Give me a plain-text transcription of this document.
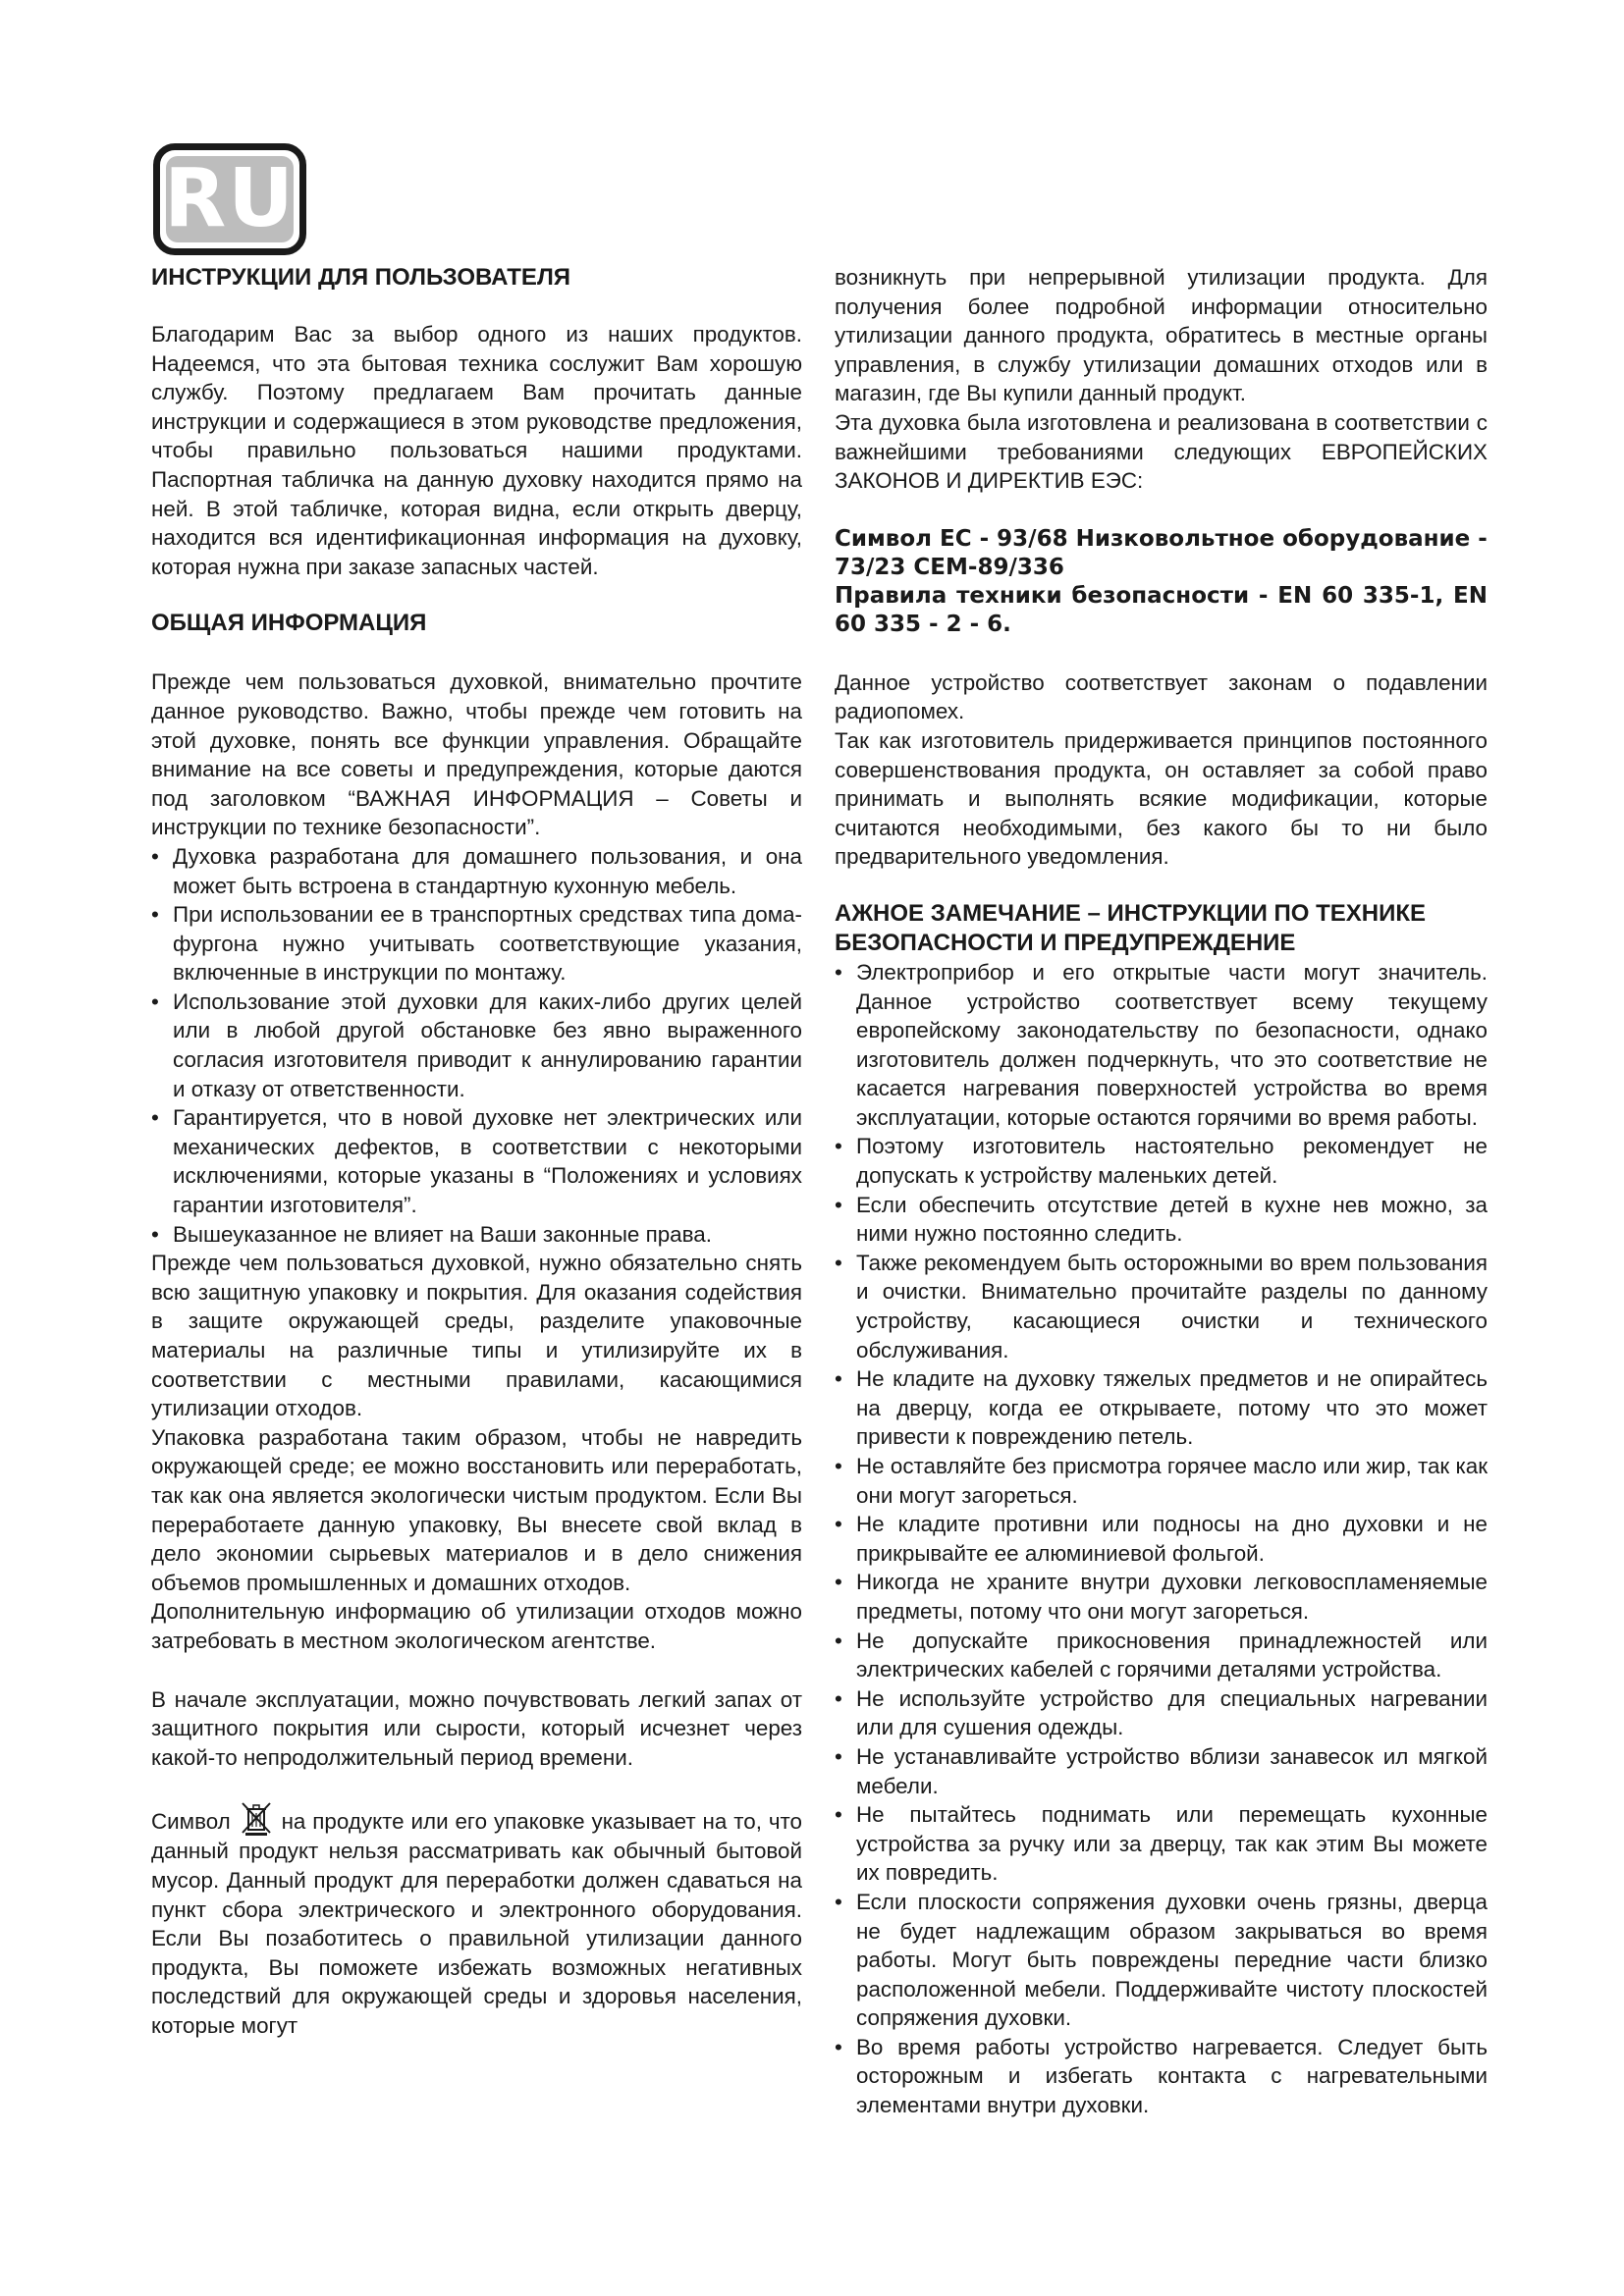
RU
ИНСТРУКЦИИ ДЛЯ ПОЛЬЗОВАТЕЛЯ

Благодарим Вас за выбор одного из наших продуктов. Надеемся, что эта бытовая техника сослужит Вам хорошую службу. Поэтому предлагаем Вам прочитать данные инструкции и содержащиеся в этом руководстве предложения, чтобы правильно пользоваться нашими продуктами. Паспортная табличка на данную духовку находится прямо на ней. В этой табличке, которая видна, если открыть дверцу, находится вся идентификационная информация на духовку, которая нужна при заказе запасных частей.

ОБЩАЯ ИНФОРМАЦИЯ

Прежде чем пользоваться духовкой, внимательно прочтите данное руководство. Важно, чтобы прежде чем готовить на этой духовке, понять все функции управления. Обращайте внимание на все советы и предупреждения, которые даются под заголовком “ВАЖНАЯ ИНФОРМАЦИЯ – Советы и инструкции по технике безопасности”.

• Духовка разработана для домашнего пользования, и она может быть встроена в стандартную кухонную мебель.
• При использовании ее в транспортных средствах типа дома-фургона нужно учитывать соответствующие указания, включенные в инструкции по монтажу.
• Использование этой духовки для каких-либо других целей или в любой другой обстановке без явно выраженного согласия изготовителя приводит к аннулированию гарантии и отказу от ответственности.
• Гарантируется, что в новой духовке нет электрических или механических дефектов, в соответствии с некоторыми исключениями, которые указаны в “Положениях и условиях гарантии изготовителя”.
• Вышеуказанное не влияет на Ваши законные права.

Прежде чем пользоваться духовкой, нужно обязательно снять всю защитную упаковку и покрытия. Для оказания содействия в защите окружающей среды, разделите упаковочные материалы на различные типы и утилизируйте их в соответствии с местными правилами, касающимися утилизации отходов.

Упаковка разработана таким образом, чтобы не навредить окружающей среде; ее можно восстановить или переработать, так как она является экологически чистым продуктом. Если Вы переработаете данную упаковку, Вы внесете свой вклад в дело экономии сырьевых материалов и в дело снижения объемов промышленных и домашних отходов.

Дополнительную информацию об утилизации отходов можно затребовать в местном экологическом агентстве.

В начале эксплуатации, можно почувствовать легкий запах от защитного покрытия или сырости, который исчезнет через какой-то непродолжительный период времени.

Символ на продукте или его упаковке указывает на то, что данный продукт нельзя рассматривать как обычный бытовой мусор. Данный продукт для переработки должен сдаваться на пункт сбора электрического и электронного оборудования. Если Вы позаботитесь о правильной утилизации данного продукта, Вы поможете избежать возможных негативных последствий для окружающей среды и здоровья населения, которые могут

возникнуть при непрерывной утилизации продукта. Для получения более подробной информации относительно утилизации данного продукта, обратитесь в местные органы управления, в службу утилизации домашних отходов или в магазин, где Вы купили данный продукт.

Эта духовка была изготовлена и реализована в соответствии с важнейшими требованиями следующих ЕВРОПЕЙСКИХ ЗАКОНОВ И ДИРЕКТИВ ЕЭС:

Символ ЕС - 93/68 Низковольтное оборудование - 73/23 CEM-89/336

Правила техники безопасности - EN 60 335-1, EN 60 335 - 2 - 6.

Данное устройство соответствует законам о подавлении радиопомех.

Так как изготовитель придерживается принципов постоянного совершенствования продукта, он оставляет за собой право принимать и выполнять всякие модификации, которые считаются необходимыми, без какого бы то ни было предварительного уведомления.

АЖНОЕ ЗАМЕЧАНИЕ – ИНСТРУКЦИИ ПО ТЕХНИКЕ БЕЗОПАСНОСТИ И ПРЕДУПРЕЖДЕНИЕ
• Электроприбор и его открытые части могут значитель. Данное устройство соответствует всему текущему европейскому законодательству по безопасности, однако изготовитель должен подчеркнуть, что это соответствие не касается нагревания поверхностей устройства во время эксплуатации, которые остаются горячими во время работы.
• Поэтому изготовитель настоятельно рекомендует не допускать к устройству маленьких детей.
• Если обеспечить отсутствие детей в кухне нев можно, за ними нужно постоянно следить.
• Также рекомендуем быть осторожными во врем пользования и очистки. Внимательно прочитайте разделы по данному устройству, касающиеся очистки и технического обслуживания.
• Не кладите на духовку тяжелых предметов и не опирайтесь на дверцу, когда ее открываете, потому что это может привести к повреждению петель.
• Не оставляйте без присмотра горячее масло или жир, так как они могут загореться.
• Не кладите противни или подносы на дно духовки и не прикрывайте ее алюминиевой фольгой.
• Никогда не храните внутри духовки легковоспламеняемые предметы, потому что они могут загореться.
• Не допускайте прикосновения принадлежностей или электрических кабелей с горячими деталями устройства.
• Не используйте устройство для специальных нагревании или для сушения одежды.
• Не устанавливайте устройство вблизи занавесок ил мягкой мебели.
• Не пытайтесь поднимать или перемещать кухонные устройства за ручку или за дверцу, так как этим Вы можете их повредить.
• Если плоскости сопряжения духовки очень грязны, дверца не будет надлежащим образом закрываться во время работы. Могут быть повреждены передние части близко расположенной мебели. Поддерживайте чистоту плоскостей сопряжения духовки.
• Во время работы устройство нагревается. Следует быть осторожным и избегать контакта с нагревательными элементами внутри духовки.
